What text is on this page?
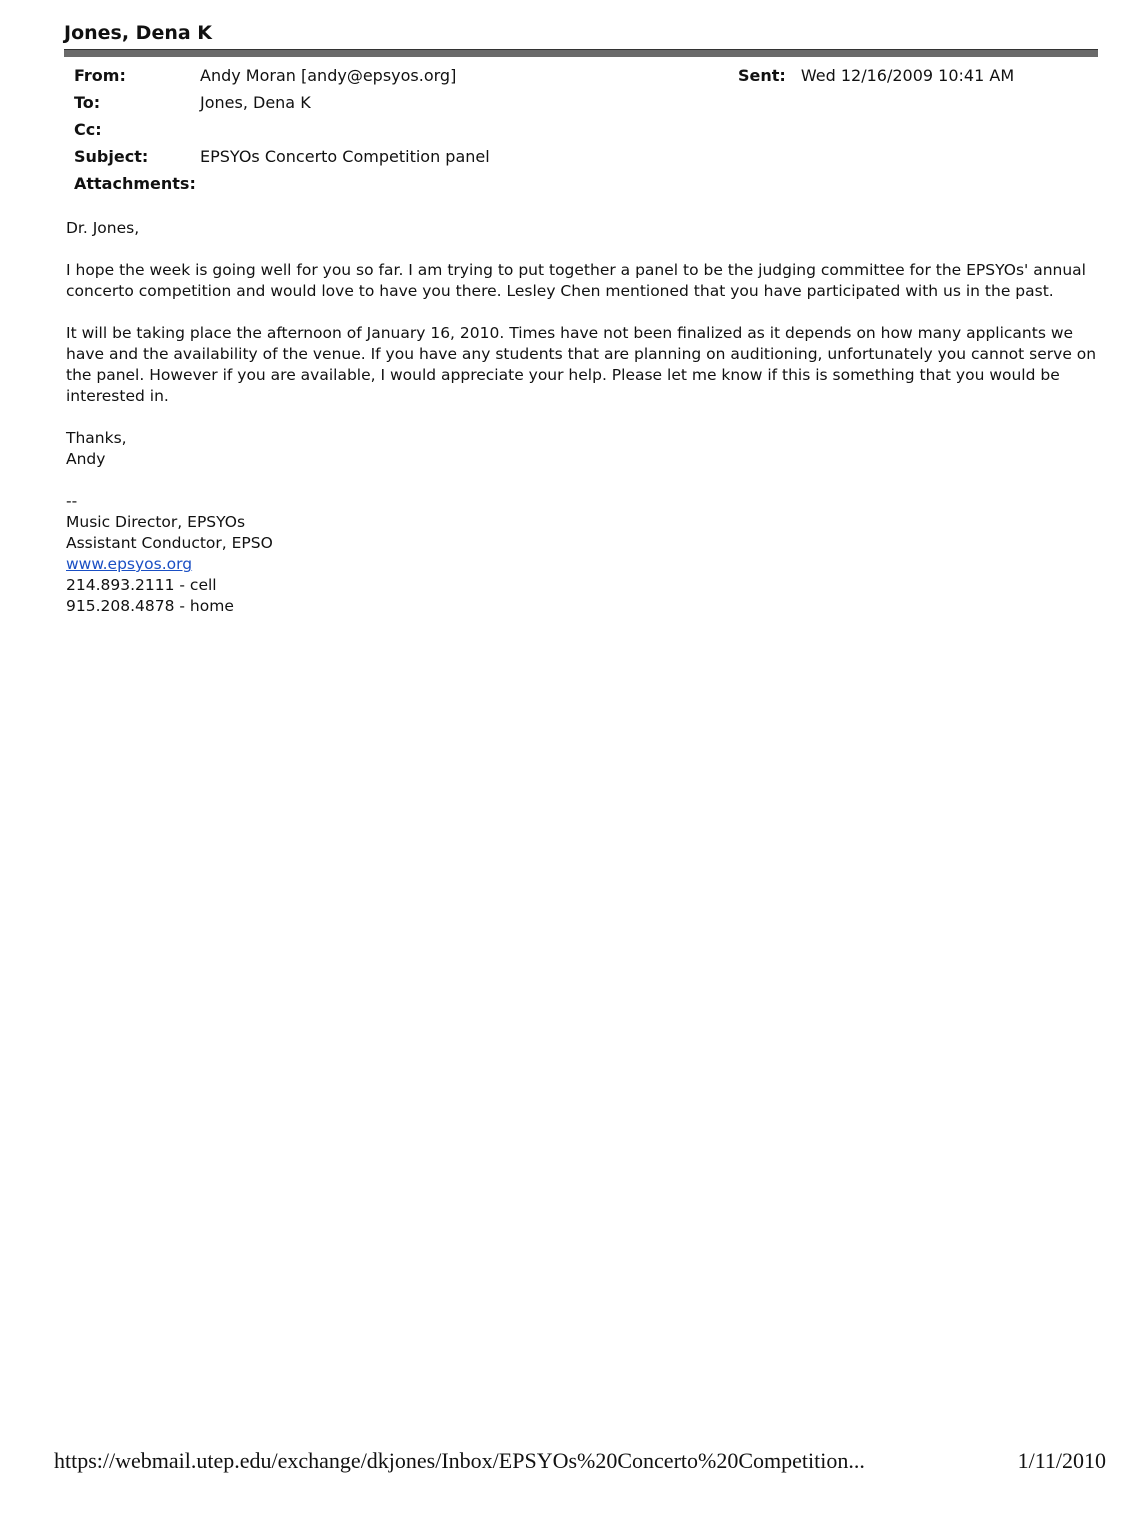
Jones, Dena K
From:	Andy Moran [andy@epsyos.org]
To:	Jones, Dena K
Cc:
Subject:	EPSYOs Concerto Competition panel
Attachments:
Sent: Wed 12/16/2009 10:41 AM

Dr. Jones,

I hope the week is going well for you so far. I am trying to put together a panel to be the judging committee for the EPSYOs' annual concerto competition and would love to have you there. Lesley Chen mentioned that you have participated with us in the past.

It will be taking place the afternoon of January 16, 2010. Times have not been finalized as it depends on how many applicants we have and the availability of the venue. If you have any students that are planning on auditioning, unfortunately you cannot serve on the panel. However if you are available, I would appreciate your help. Please let me know if this is something that you would be interested in.

Thanks,
Andy

--
Music Director, EPSYOs
Assistant Conductor, EPSO
www.epsyos.org
214.893.2111 - cell
915.208.4878 - home
https://webmail.utep.edu/exchange/dkjones/Inbox/EPSYOs%20Concerto%20Competition...	1/11/2010
